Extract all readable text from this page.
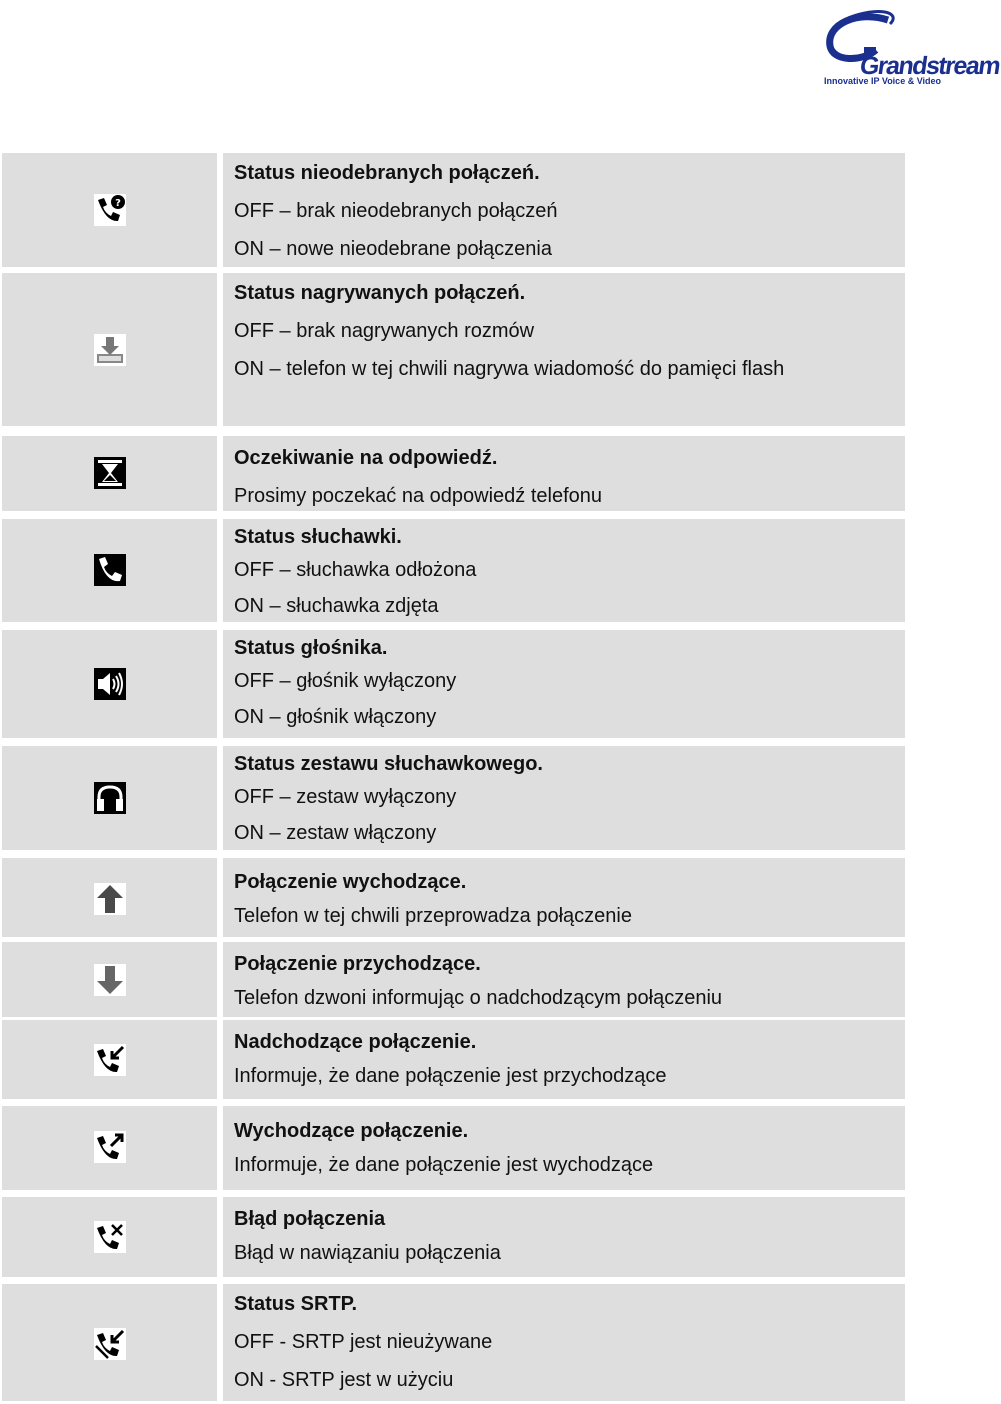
Grandstream
Innovative IP Voice & Video
?
Status nieodebranych połączeń.
OFF – brak nieodebranych połączeń
ON – nowe nieodebrane połączenia
Status nagrywanych połączeń.
OFF – brak nagrywanych rozmów
ON – telefon w tej chwili nagrywa wiadomość do pamięci flash
Oczekiwanie na odpowiedź.
Prosimy poczekać na odpowiedź telefonu
Status słuchawki.
OFF – słuchawka odłożona
ON – słuchawka zdjęta
Status głośnika.
OFF – głośnik wyłączony
ON – głośnik włączony
Status zestawu słuchawkowego.
OFF – zestaw wyłączony
ON – zestaw włączony
Połączenie wychodzące.
Telefon w tej chwili przeprowadza połączenie
Połączenie przychodzące.
Telefon dzwoni informując o nadchodzącym połączeniu
Nadchodzące połączenie.
Informuje, że dane połączenie jest przychodzące
Wychodzące połączenie.
Informuje, że dane połączenie jest wychodzące
Błąd połączenia
Błąd w nawiązaniu połączenia
Status SRTP.
OFF - SRTP jest nieużywane
ON - SRTP jest w użyciu
